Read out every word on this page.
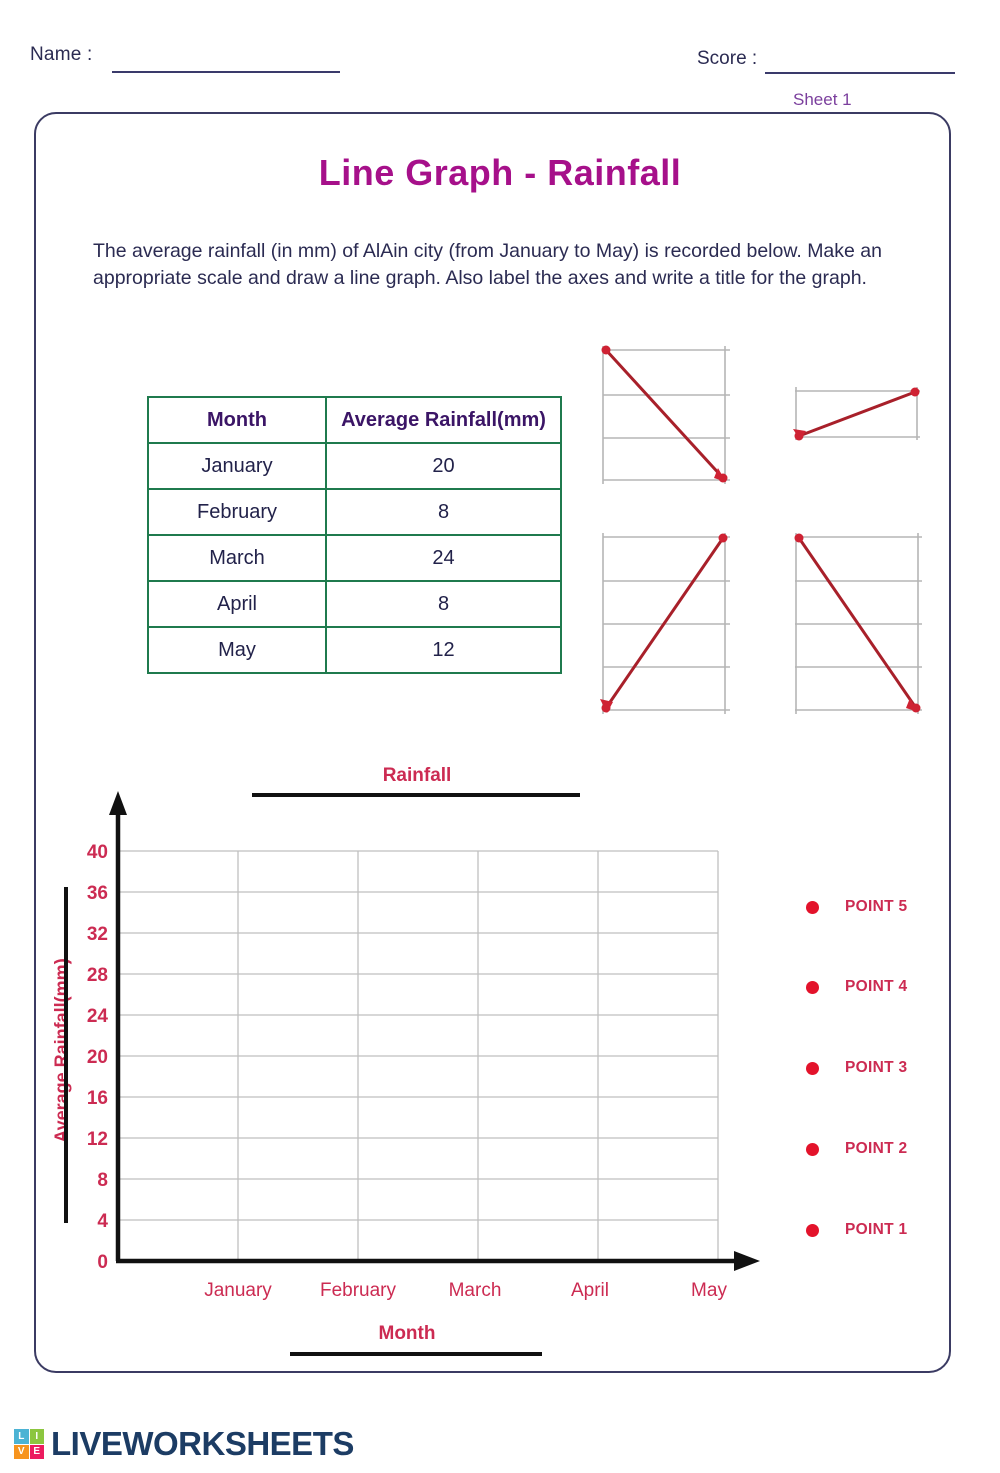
Name :	Score :
Sheet 1
Line Graph - Rainfall
The average rainfall (in mm) of AlAin city (from January to May) is recorded below. Make an appropriate scale and draw a line graph. Also label the axes and write a title for the graph.
Month	Average Rainfall(mm)
January	20
February	8
March	24
April	8
May	12
Rainfall
Month
40
36
32
28
24
20
16
12
8
4
0
January	February	March	April	May
Average Rainfall(mm)
POINT 5
POINT 4
POINT 3
POINT 2
POINT 1
L	I
V E LIVEWORKSHEETS
